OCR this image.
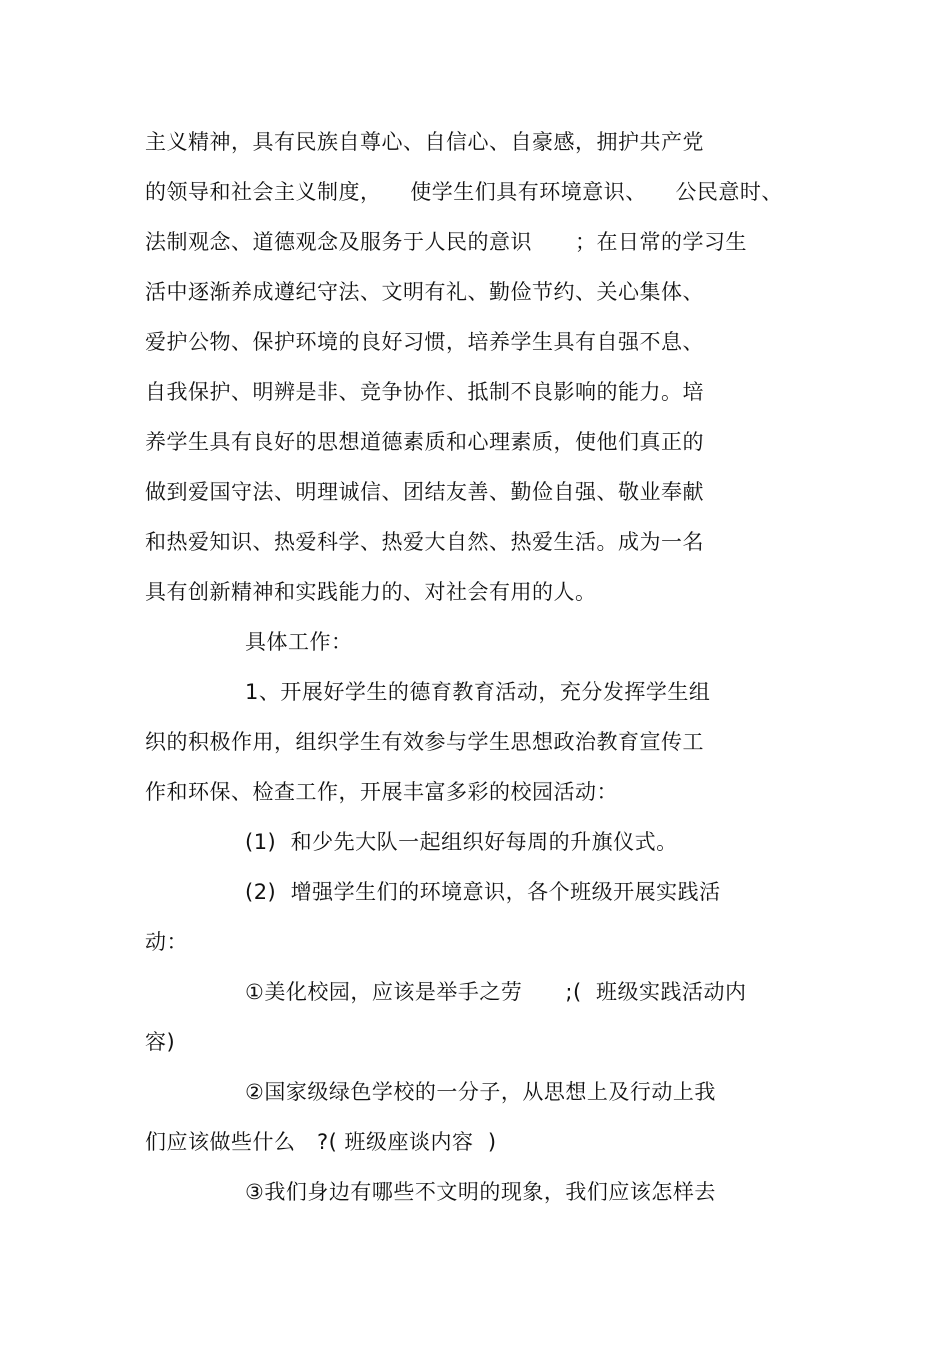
主义精神，具有民族自尊心、自信心、自豪感，拥护共产党
的领导和社会主义制度，    使学生们具有环境意识、    公民意时、
法制观念、道德观念及服务于人民的意识      ；在日常的学习生
活中逐渐养成遵纪守法、文明有礼、勤俭节约、关心集体、
爱护公物、保护环境的良好习惯，培养学生具有自强不息、
自我保护、明辨是非、竞争协作、抵制不良影响的能力。培
养学生具有良好的思想道德素质和心理素质，使他们真正的
做到爱国守法、明理诚信、团结友善、勤俭自强、敬业奉献
和热爱知识、热爱科学、热爱大自然、热爱生活。成为一名
具有创新精神和实践能力的、对社会有用的人。
具体工作：
1、开展好学生的德育教育活动，充分发挥学生组
织的积极作用，组织学生有效参与学生思想政治教育宣传工
作和环保、检查工作，开展丰富多彩的校园活动：
(1)  和少先大队一起组织好每周的升旗仪式。
(2)  增强学生们的环境意识，各个班级开展实践活
动：
①美化校园，应该是举手之劳      ;(  班级实践活动内
容)
②国家级绿色学校的一分子，从思想上及行动上我
们应该做些什么   ?( 班级座谈内容  )
③我们身边有哪些不文明的现象，我们应该怎样去
